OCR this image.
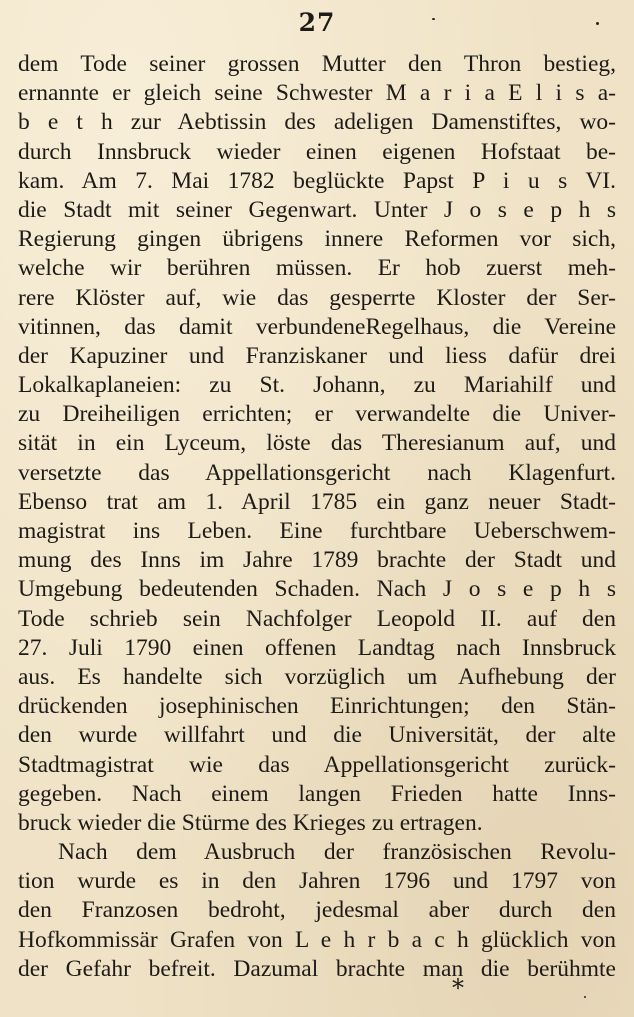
27
dem Tode seiner grossen Mutter den Thron bestieg,
ernannte er gleich seine Schwester M a r i a E l i s a-
b e t h zur Aebtissin des adeligen Damenstiftes, wo-
durch Innsbruck wieder einen eigenen Hofstaat be-
kam. Am 7. Mai 1782 beglückte Papst P i u s VI.
die Stadt mit seiner Gegenwart. Unter J o s e p h s
Regierung gingen übrigens innere Reformen vor sich,
welche wir berühren müssen. Er hob zuerst meh-
rere Klöster auf, wie das gesperrte Kloster der Ser-
vitinnen, das damit verbundeneRegelhaus, die Vereine
der Kapuziner und Franziskaner und liess dafür drei
Lokalkaplaneien: zu St. Johann, zu Mariahilf und
zu Dreiheiligen errichten; er verwandelte die Univer-
sität in ein Lyceum, löste das Theresianum auf, und
versetzte das Appellationsgericht nach Klagenfurt.
Ebenso trat am 1. April 1785 ein ganz neuer Stadt-
magistrat ins Leben. Eine furchtbare Ueberschwem-
mung des Inns im Jahre 1789 brachte der Stadt und
Umgebung bedeutenden Schaden. Nach J o s e p h s
Tode schrieb sein Nachfolger Leopold II. auf den
27. Juli 1790 einen offenen Landtag nach Innsbruck
aus. Es handelte sich vorzüglich um Aufhebung der
drückenden josephinischen Einrichtungen; den Stän-
den wurde willfahrt und die Universität, der alte
Stadtmagistrat wie das Appellationsgericht zurück-
gegeben. Nach einem langen Frieden hatte Inns-
bruck wieder die Stürme des Krieges zu ertragen.
Nach dem Ausbruch der französischen Revolu-
tion wurde es in den Jahren 1796 und 1797 von
den Franzosen bedroht, jedesmal aber durch den
Hofkommissär Grafen von L e h r b a c h glücklich von
der Gefahr befreit. Dazumal brachte man die berühmte
*
